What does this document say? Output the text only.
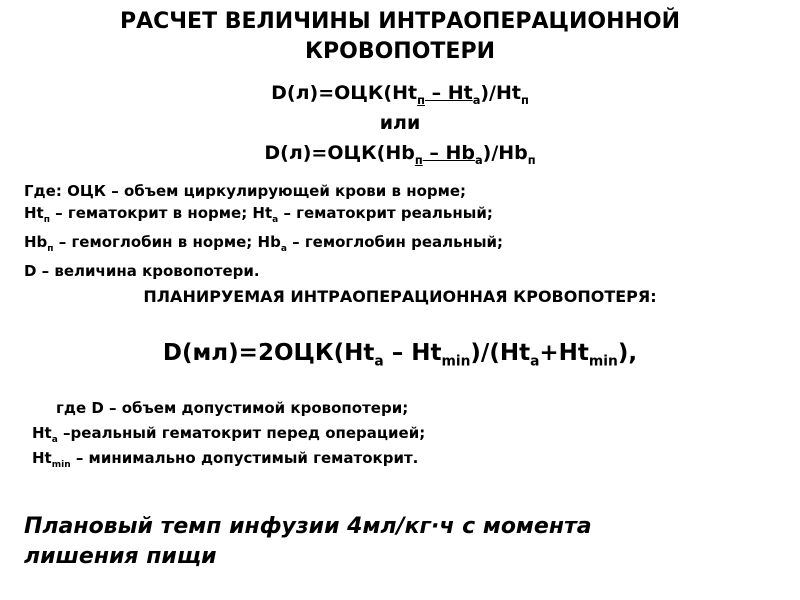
РАСЧЕТ ВЕЛИЧИНЫ ИНТРАОПЕРАЦИОННОЙ
КРОВОПОТЕРИ
$D(л)=ОЦК(Ht_п - Ht_а)/Ht_п$
или
$D(л)=ОЦК(Hb_п - Hb_а)/Hb_п$
Где: ОЦК – объем циркулирующей крови в норме;
$Ht_п$ – гематокрит в норме; $Ht_а$ – гематокрит реальный;
$Hb_п$ – гемоглобин в норме; $Hb_а$ – гемоглобин реальный;
D – величина кровопотери.
ПЛАНИРУЕМАЯ ИНТРАОПЕРАЦИОННАЯ КРОВОПОТЕРЯ:
$D(мл)=2ОЦК(Ht_a - Ht_{min})/(Ht_a+Ht_{min})$,
где D – объем допустимой кровопотери;
$Ht_а$ –реальный гематокрит перед операцией;
$Ht_{min}$ – минимально допустимый гематокрит.
Плановый темп инфузии 4мл/кг·ч с момента
лишения пищи
